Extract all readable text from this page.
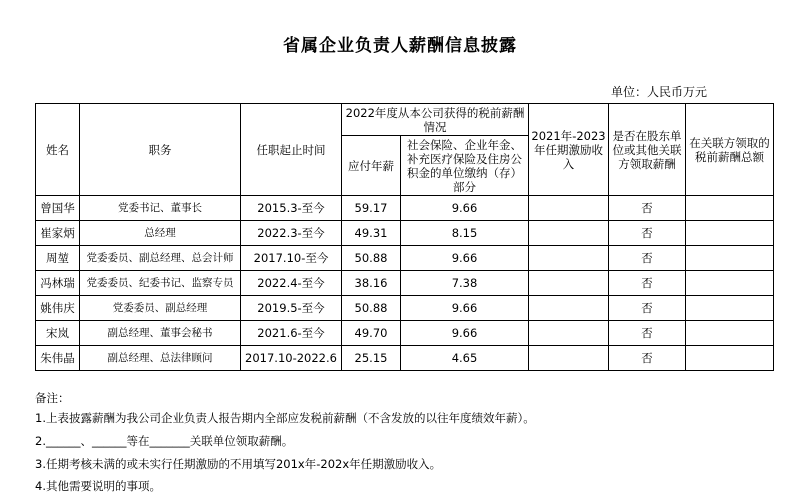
省属企业负责人薪酬信息披露
单位：人民币万元
姓名	职务	任职起止时间	2022年度从本公司获得的税前薪酬情况		2021年-2023年任期激励收入	是否在股东单位或其他关联方领取薪酬	在关联方领取的税前薪酬总额
			应付年薪	社会保险、企业年金、补充医疗保险及住房公积金的单位缴纳（存）部分			
曾国华	党委书记、董事长	2015.3-至今	59.17	9.66		否	
崔家炳	总经理	2022.3-至今	49.31	8.15		否	
周堃	党委委员、副总经理、总会计师	2017.10-至今	50.88	9.66		否	
冯林瑞	党委委员、纪委书记、监察专员	2022.4-至今	38.16	7.38		否	
姚伟庆	党委委员、副总经理	2019.5-至今	50.88	9.66		否	
宋岚	副总经理、董事会秘书	2021.6-至今	49.70	9.66		否	
朱伟晶	副总经理、总法律顾问	2017.10-2022.6	25.15	4.65		否	
备注：
1.上表披露薪酬为我公司企业负责人报告期内全部应发税前薪酬（不含发放的以往年度绩效年薪）。
2.______、______等在_______关联单位领取薪酬。
3.任期考核未满的或未实行任期激励的不用填写201x年-202x年任期激励收入。
4.其他需要说明的事项。
